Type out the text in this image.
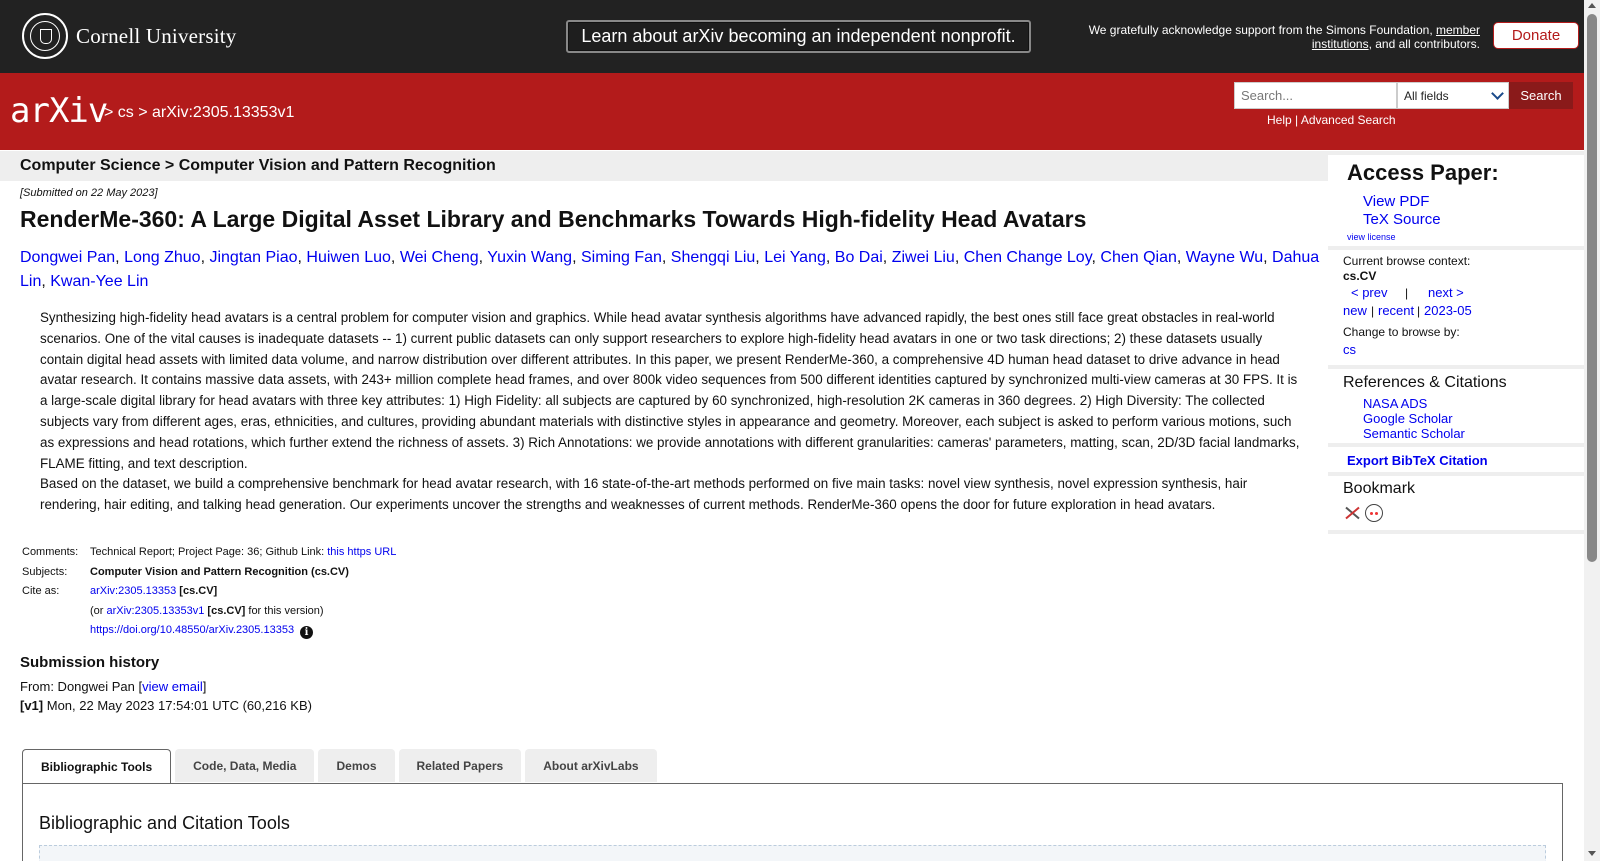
Cornell University	Learn about arXiv becoming an independent nonprofit.	We gratefully acknowledge support from the Simons Foundation, member
institutions, and all contributors.	Donate
arXiv
> cs > arXiv:2305.13353v1
Search...	All fields	Search
Help | Advanced Search
Computer Science > Computer Vision and Pattern Recognition
[Submitted on 22 May 2023]
RenderMe-360: A Large Digital Asset Library and Benchmarks Towards High-fidelity Head Avatars
Dongwei Pan, Long Zhuo, Jingtan Piao, Huiwen Luo, Wei Cheng, Yuxin Wang, Siming Fan, Shengqi Liu, Lei Yang, Bo Dai, Ziwei Liu, Chen Change Loy, Chen Qian, Wayne Wu, Dahua Lin, Kwan-Yee Lin
Synthesizing high-fidelity head avatars is a central problem for computer vision and graphics. While head avatar synthesis algorithms have advanced rapidly, the best ones still face great obstacles in real-world scenarios. One of the vital causes is inadequate datasets -- 1) current public datasets can only support researchers to explore high-fidelity head avatars in one or two task directions; 2) these datasets usually contain digital head assets with limited data volume, and narrow distribution over different attributes. In this paper, we present RenderMe-360, a comprehensive 4D human head dataset to drive advance in head avatar research. It contains massive data assets, with 243+ million complete head frames, and over 800k video sequences from 500 different identities captured by synchronized multi-view cameras at 30 FPS. It is a large-scale digital library for head avatars with three key attributes: 1) High Fidelity: all subjects are captured by 60 synchronized, high-resolution 2K cameras in 360 degrees. 2) High Diversity: The collected subjects vary from different ages, eras, ethnicities, and cultures, providing abundant materials with distinctive styles in appearance and geometry. Moreover, each subject is asked to perform various motions, such as expressions and head rotations, which further extend the richness of assets. 3) Rich Annotations: we provide annotations with different granularities: cameras' parameters, matting, scan, 2D/3D facial landmarks, FLAME fitting, and text description.
Based on the dataset, we build a comprehensive benchmark for head avatar research, with 16 state-of-the-art methods performed on five main tasks: novel view synthesis, novel expression synthesis, hair rendering, hair editing, and talking head generation. Our experiments uncover the strengths and weaknesses of current methods. RenderMe-360 opens the door for future exploration in head avatars.
Comments:	Technical Report; Project Page: 36; Github Link: this https URL
Subjects:	Computer Vision and Pattern Recognition (cs.CV)
Cite as:	arXiv:2305.13353 [cs.CV]
(or arXiv:2305.13353v1 [cs.CV] for this version)
https://doi.org/10.48550/arXiv.2305.13353 i
Submission history
From: Dongwei Pan [view email]
[v1] Mon, 22 May 2023 17:54:01 UTC (60,216 KB)
Bibliographic Tools	Code, Data, Media	Demos	Related Papers	About arXivLabs
Bibliographic and Citation Tools
Access Paper:
View PDF
TeX Source
view license
Current browse context:
cs.CV
< prev | next >
new | recent | 2023-05
Change to browse by:
cs
References & Citations
NASA ADS
Google Scholar
Semantic Scholar
Export BibTeX Citation
Bookmark
